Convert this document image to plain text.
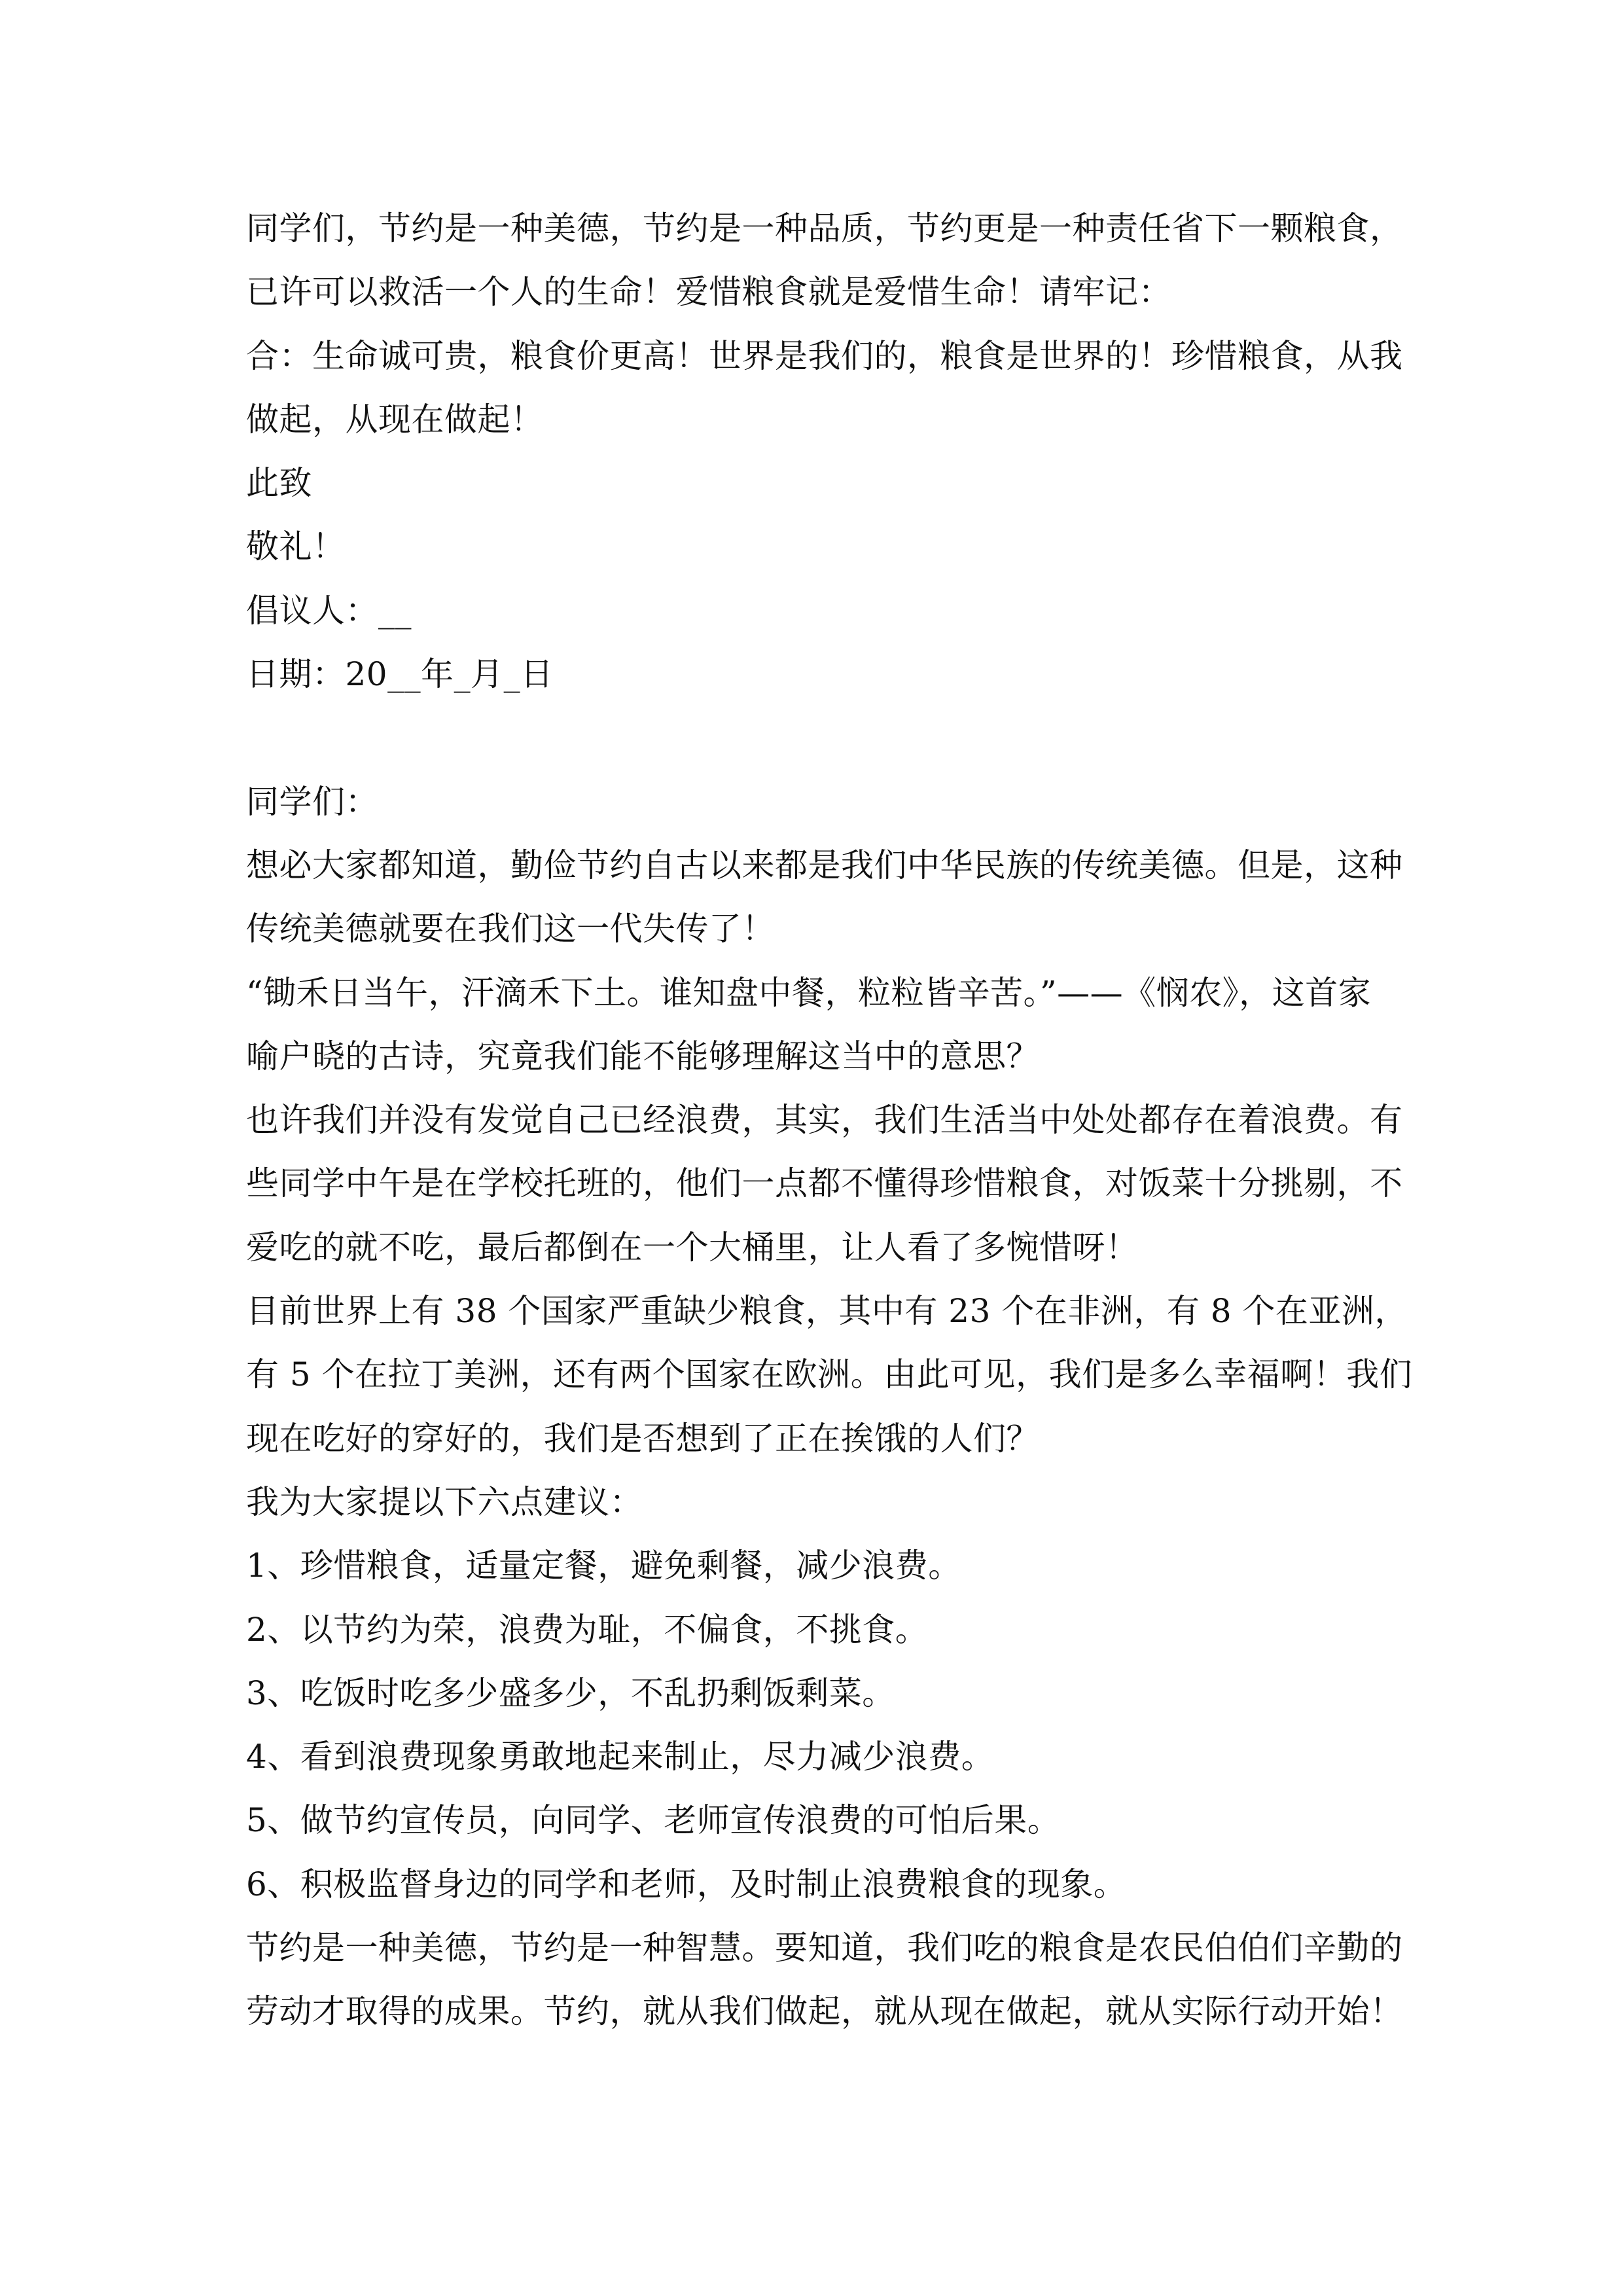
同学们，节约是一种美德，节约是一种品质，节约更是一种责任省下一颗粮食，
已许可以救活一个人的生命！爱惜粮食就是爱惜生命！请牢记：
合：生命诚可贵，粮食价更高！世界是我们的，粮食是世界的！珍惜粮食，从我
做起，从现在做起！
此致
敬礼！
倡议人：__
日期：20__年_月_日
同学们：
想必大家都知道，勤俭节约自古以来都是我们中华民族的传统美德。但是，这种
传统美德就要在我们这一代失传了！
“锄禾日当午，汗滴禾下土。谁知盘中餐，粒粒皆辛苦。”——《悯农》，这首家
喻户晓的古诗，究竟我们能不能够理解这当中的意思？
也许我们并没有发觉自己已经浪费，其实，我们生活当中处处都存在着浪费。有
些同学中午是在学校托班的，他们一点都不懂得珍惜粮食，对饭菜十分挑剔，不
爱吃的就不吃，最后都倒在一个大桶里，让人看了多惋惜呀！
目前世界上有 38 个国家严重缺少粮食，其中有 23 个在非洲，有 8 个在亚洲，
有 5 个在拉丁美洲，还有两个国家在欧洲。由此可见，我们是多么幸福啊！我们
现在吃好的穿好的，我们是否想到了正在挨饿的人们？
我为大家提以下六点建议：
1、珍惜粮食，适量定餐，避免剩餐，减少浪费。
2、以节约为荣，浪费为耻，不偏食，不挑食。
3、吃饭时吃多少盛多少，不乱扔剩饭剩菜。
4、看到浪费现象勇敢地起来制止，尽力减少浪费。
5、做节约宣传员，向同学、老师宣传浪费的可怕后果。
6、积极监督身边的同学和老师，及时制止浪费粮食的现象。
节约是一种美德，节约是一种智慧。要知道，我们吃的粮食是农民伯伯们辛勤的
劳动才取得的成果。节约，就从我们做起，就从现在做起，就从实际行动开始！
